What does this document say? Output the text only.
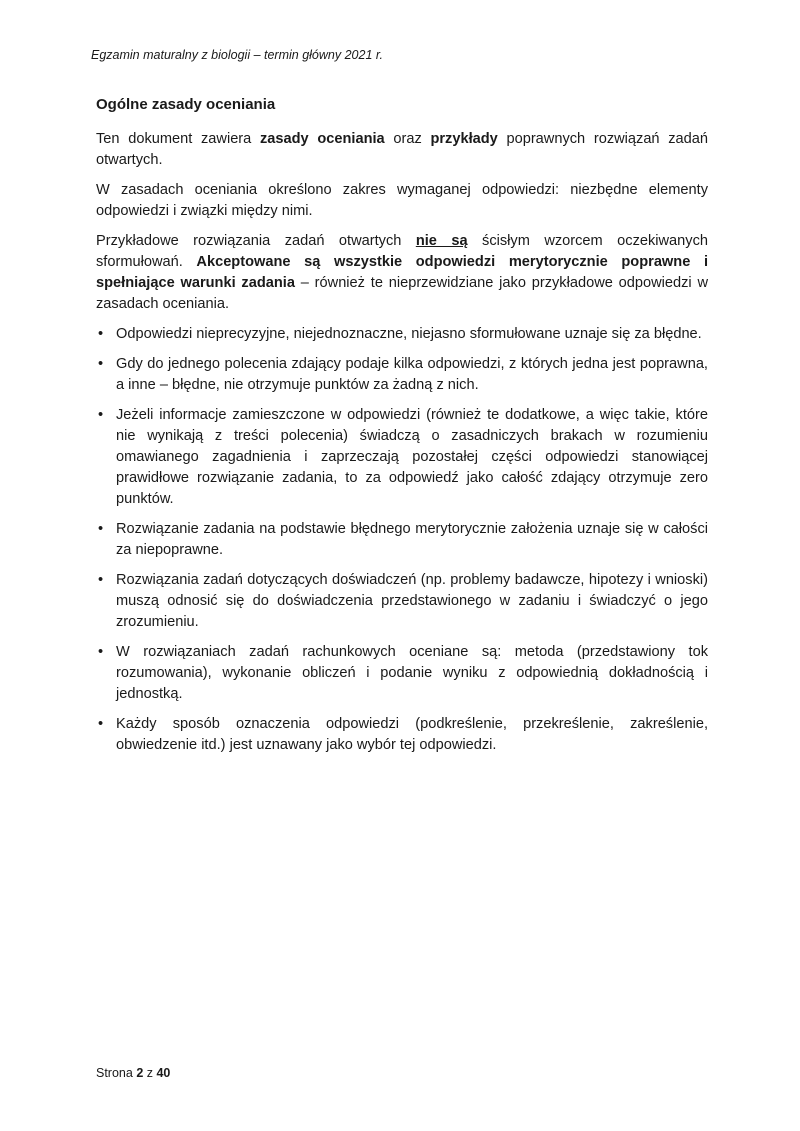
Egzamin maturalny z biologii – termin główny 2021 r.
Ogólne zasady oceniania

Ten dokument zawiera zasady oceniania oraz przykłady poprawnych rozwiązań zadań otwartych.

W zasadach oceniania określono zakres wymaganej odpowiedzi: niezbędne elementy odpowiedzi i związki między nimi.

Przykładowe rozwiązania zadań otwartych nie są ścisłym wzorcem oczekiwanych sformułowań. Akceptowane są wszystkie odpowiedzi merytorycznie poprawne i spełniające warunki zadania – również te nieprzewidziane jako przykładowe odpowiedzi w zasadach oceniania.

• Odpowiedzi nieprecyzyjne, niejednoznaczne, niejasno sformułowane uznaje się za błędne.
• Gdy do jednego polecenia zdający podaje kilka odpowiedzi, z których jedna jest poprawna, a inne – błędne, nie otrzymuje punktów za żadną z nich.
• Jeżeli informacje zamieszczone w odpowiedzi (również te dodatkowe, a więc takie, które nie wynikają z treści polecenia) świadczą o zasadniczych brakach w rozumieniu omawianego zagadnienia i zaprzeczają pozostałej części odpowiedzi stanowiącej prawidłowe rozwiązanie zadania, to za odpowiedź jako całość zdający otrzymuje zero punktów.
• Rozwiązanie zadania na podstawie błędnego merytorycznie założenia uznaje się w całości za niepoprawne.
• Rozwiązania zadań dotyczących doświadczeń (np. problemy badawcze, hipotezy i wnioski) muszą odnosić się do doświadczenia przedstawionego w zadaniu i świadczyć o jego zrozumieniu.
• W rozwiązaniach zadań rachunkowych oceniane są: metoda (przedstawiony tok rozumowania), wykonanie obliczeń i podanie wyniku z odpowiednią dokładnością i jednostką.
• Każdy sposób oznaczenia odpowiedzi (podkreślenie, przekreślenie, zakreślenie, obwiedzenie itd.) jest uznawany jako wybór tej odpowiedzi.
Strona 2 z 40
